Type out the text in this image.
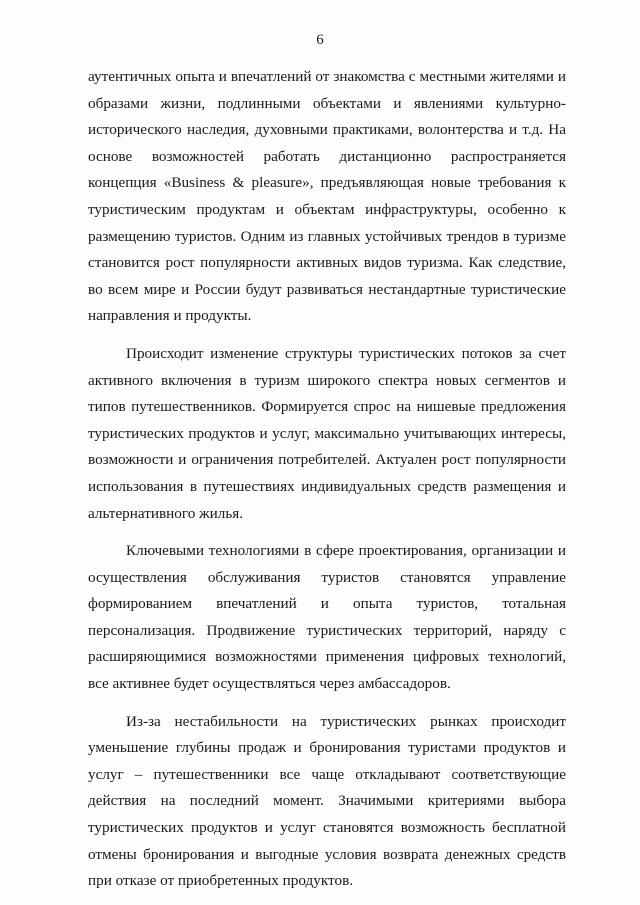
6

аутентичных опыта и впечатлений от знакомства с местными жителями и образами жизни, подлинными объектами и явлениями культурно-исторического наследия, духовными практиками, волонтерства и т.д. На основе возможностей работать дистанционно распространяется концепция «Business & pleasure», предъявляющая новые требования к туристическим продуктам и объектам инфраструктуры, особенно к размещению туристов. Одним из главных устойчивых трендов в туризме становится рост популярности активных видов туризма. Как следствие, во всем мире и России будут развиваться нестандартные туристические направления и продукты.

Происходит изменение структуры туристических потоков за счет активного включения в туризм широкого спектра новых сегментов и типов путешественников. Формируется спрос на нишевые предложения туристических продуктов и услуг, максимально учитывающих интересы, возможности и ограничения потребителей. Актуален рост популярности использования в путешествиях индивидуальных средств размещения и альтернативного жилья.

Ключевыми технологиями в сфере проектирования, организации и осуществления обслуживания туристов становятся управление формированием впечатлений и опыта туристов, тотальная персонализация. Продвижение туристических территорий, наряду с расширяющимися возможностями применения цифровых технологий, все активнее будет осуществляться через амбассадоров.

Из-за нестабильности на туристических рынках происходит уменьшение глубины продаж и бронирования туристами продуктов и услуг – путешественники все чаще откладывают соответствующие действия на последний момент. Значимыми критериями выбора туристических продуктов и услуг становятся возможность бесплатной отмены бронирования и выгодные условия возврата денежных средств при отказе от приобретенных продуктов.
